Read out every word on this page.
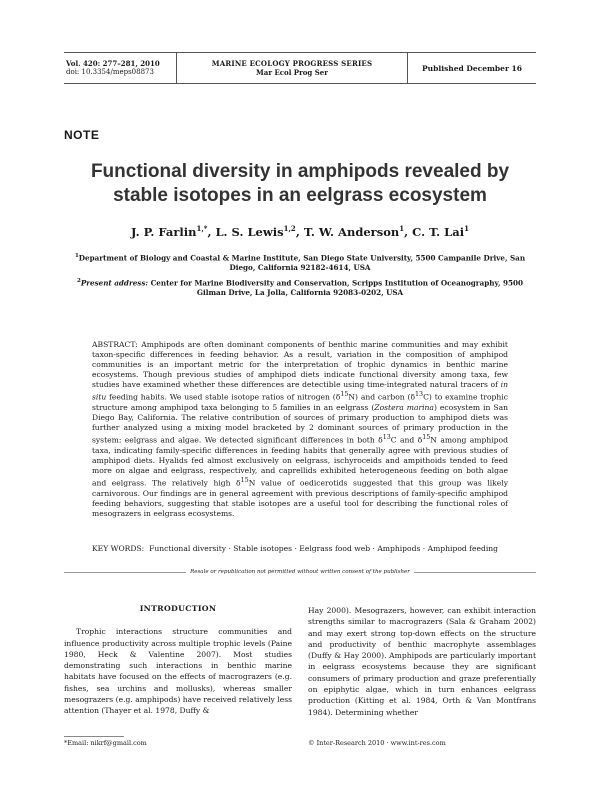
Vol. 420: 277–281, 2010
doi: 10.3354/meps08873
MARINE ECOLOGY PROGRESS SERIES
Mar Ecol Prog Ser	Published December 16
NOTE
Functional diversity in amphipods revealed by
stable isotopes in an eelgrass ecosystem
J. P. Farlin$^{1,*}$, L. S. Lewis$^{1,2}$, T. W. Anderson$^1$, C. T. Lai$^1$
$^1$Department of Biology and Coastal & Marine Institute, San Diego State University, 5500 Campanile Drive, San Diego, California 92182-4614, USA
$^2$Present address: Center for Marine Biodiversity and Conservation, Scripps Institution of Oceanography, 9500 Gilman Drive, La Jolla, California 92083-0202, USA
ABSTRACT: Amphipods are often dominant components of benthic marine communities and may exhibit taxon-specific differences in feeding behavior. As a result, variation in the composition of amphipod communities is an important metric for the interpretation of trophic dynamics in benthic marine ecosystems. Though previous studies of amphipod diets indicate functional diversity among taxa, few studies have examined whether these differences are detectible using time-integrated natural tracers of in situ feeding habits. We used stable isotope ratios of nitrogen $(\delta^{15}N)$ and carbon $(\delta^{13}C)$ to examine trophic structure among amphipod taxa belonging to 5 families in an eelgrass (Zostera marina) ecosystem in San Diego Bay, California. The relative contribution of sources of primary production to amphipod diets was further analyzed using a mixing model bracketed by 2 dominant sources of primary production in the system: eelgrass and algae. We detected significant differences in both $\delta^{13}C$ and $\delta^{15}N$ among amphipod taxa, indicating family-specific differences in feeding habits that generally agree with previous studies of amphipod diets. Hyalids fed almost exclusively on eelgrass, ischyroceids and ampithoids tended to feed more on algae and eelgrass, respectively, and caprellids exhibited heterogeneous feeding on both algae and eelgrass. The relatively high $\delta^{15}N$ value of oedicerotids suggested that this group was likely carnivorous. Our findings are in general agreement with previous descriptions of family-specific amphipod feeding behaviors, suggesting that stable isotopes are a useful tool for describing the functional roles of mesograzers in eelgrass ecosystems.
KEY WORDS: Functional diversity · Stable isotopes · Eelgrass food web · Amphipods · Amphipod feeding
Resale or republication not permitted without written consent of the publisher
INTRODUCTION
Trophic interactions structure communities and influence productivity across multiple trophic levels (Paine 1980, Heck & Valentine 2007). Most studies demonstrating such interactions in benthic marine habitats have focused on the effects of macrograzers (e.g. fishes, sea urchins and mollusks), whereas smaller mesograzers (e.g. amphipods) have received relatively less attention (Thayer et al. 1978, Duffy &
Hay 2000). Mesograzers, however, can exhibit interaction strengths similar to macrograzers (Sala & Graham 2002) and may exert strong top-down effects on the structure and productivity of benthic macrophyte assemblages (Duffy & Hay 2000). Amphipods are particularly important in eelgrass ecosystems because they are significant consumers of primary production and graze preferentially on epiphytic algae, which in turn enhances eelgrass production (Kitting et al. 1984, Orth & Van Montfrans 1984). Determining whether
*Email: nikrf@gmail.com	© Inter-Research 2010 · www.int-res.com
